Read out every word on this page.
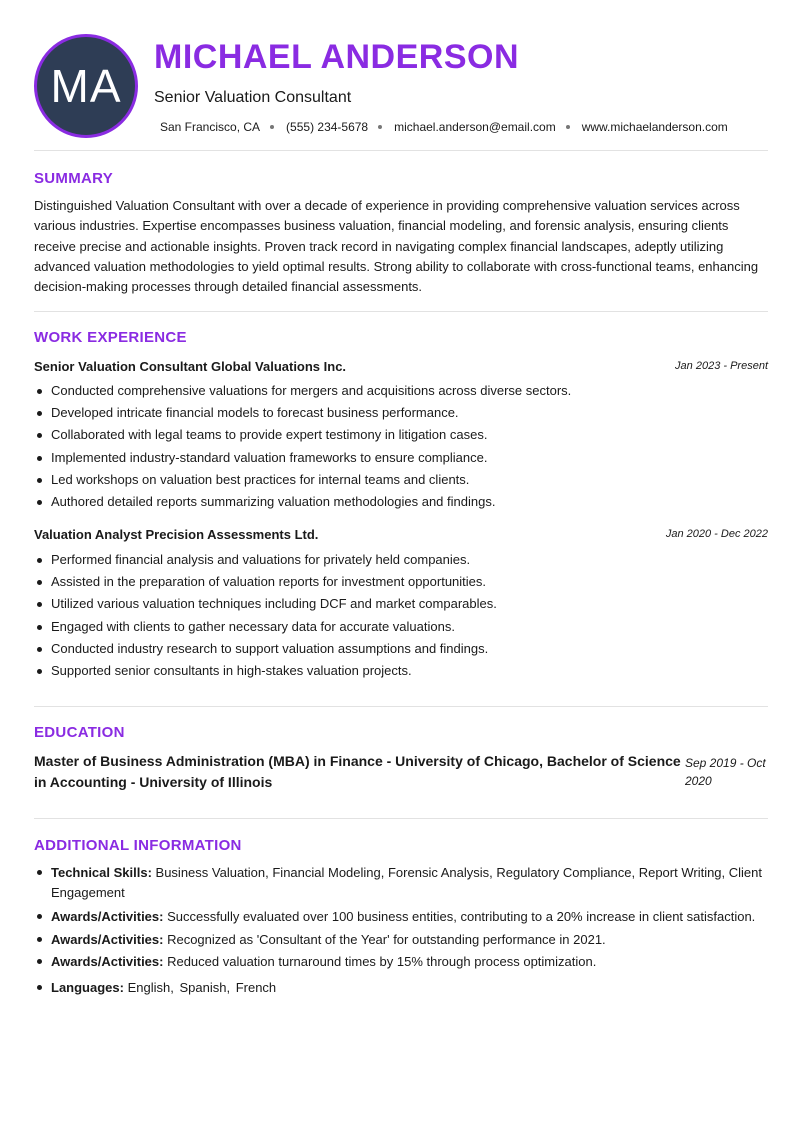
MA
MICHAEL ANDERSON
Senior Valuation Consultant
San Francisco, CA (555) 234-5678 michael.anderson@email.com www.michaelanderson.com
SUMMARY
Distinguished Valuation Consultant with over a decade of experience in providing comprehensive valuation services across various industries. Expertise encompasses business valuation, financial modeling, and forensic analysis, ensuring clients receive precise and actionable insights. Proven track record in navigating complex financial landscapes, adeptly utilizing advanced valuation methodologies to yield optimal results. Strong ability to collaborate with cross-functional teams, enhancing decision-making processes through detailed financial assessments.
WORK EXPERIENCE
Senior Valuation Consultant Global Valuations Inc.	Jan 2023 - Present
Conducted comprehensive valuations for mergers and acquisitions across diverse sectors.
Developed intricate financial models to forecast business performance.
Collaborated with legal teams to provide expert testimony in litigation cases.
Implemented industry-standard valuation frameworks to ensure compliance.
Led workshops on valuation best practices for internal teams and clients.
Authored detailed reports summarizing valuation methodologies and findings.
Valuation Analyst Precision Assessments Ltd.	Jan 2020 - Dec 2022
Performed financial analysis and valuations for privately held companies.
Assisted in the preparation of valuation reports for investment opportunities.
Utilized various valuation techniques including DCF and market comparables.
Engaged with clients to gather necessary data for accurate valuations.
Conducted industry research to support valuation assumptions and findings.
Supported senior consultants in high-stakes valuation projects.
EDUCATION
Master of Business Administration (MBA) in Finance - University of Chicago, Bachelor of Science in Accounting - University of Illinois
Sep 2019 - Oct 2020
ADDITIONAL INFORMATION
Technical Skills: Business Valuation, Financial Modeling, Forensic Analysis, Regulatory Compliance, Report Writing, Client Engagement
Awards/Activities: Successfully evaluated over 100 business entities, contributing to a 20% increase in client satisfaction.
Awards/Activities: Recognized as 'Consultant of the Year' for outstanding performance in 2021.
Awards/Activities: Reduced valuation turnaround times by 15% through process optimization.
Languages: English, Spanish, French
